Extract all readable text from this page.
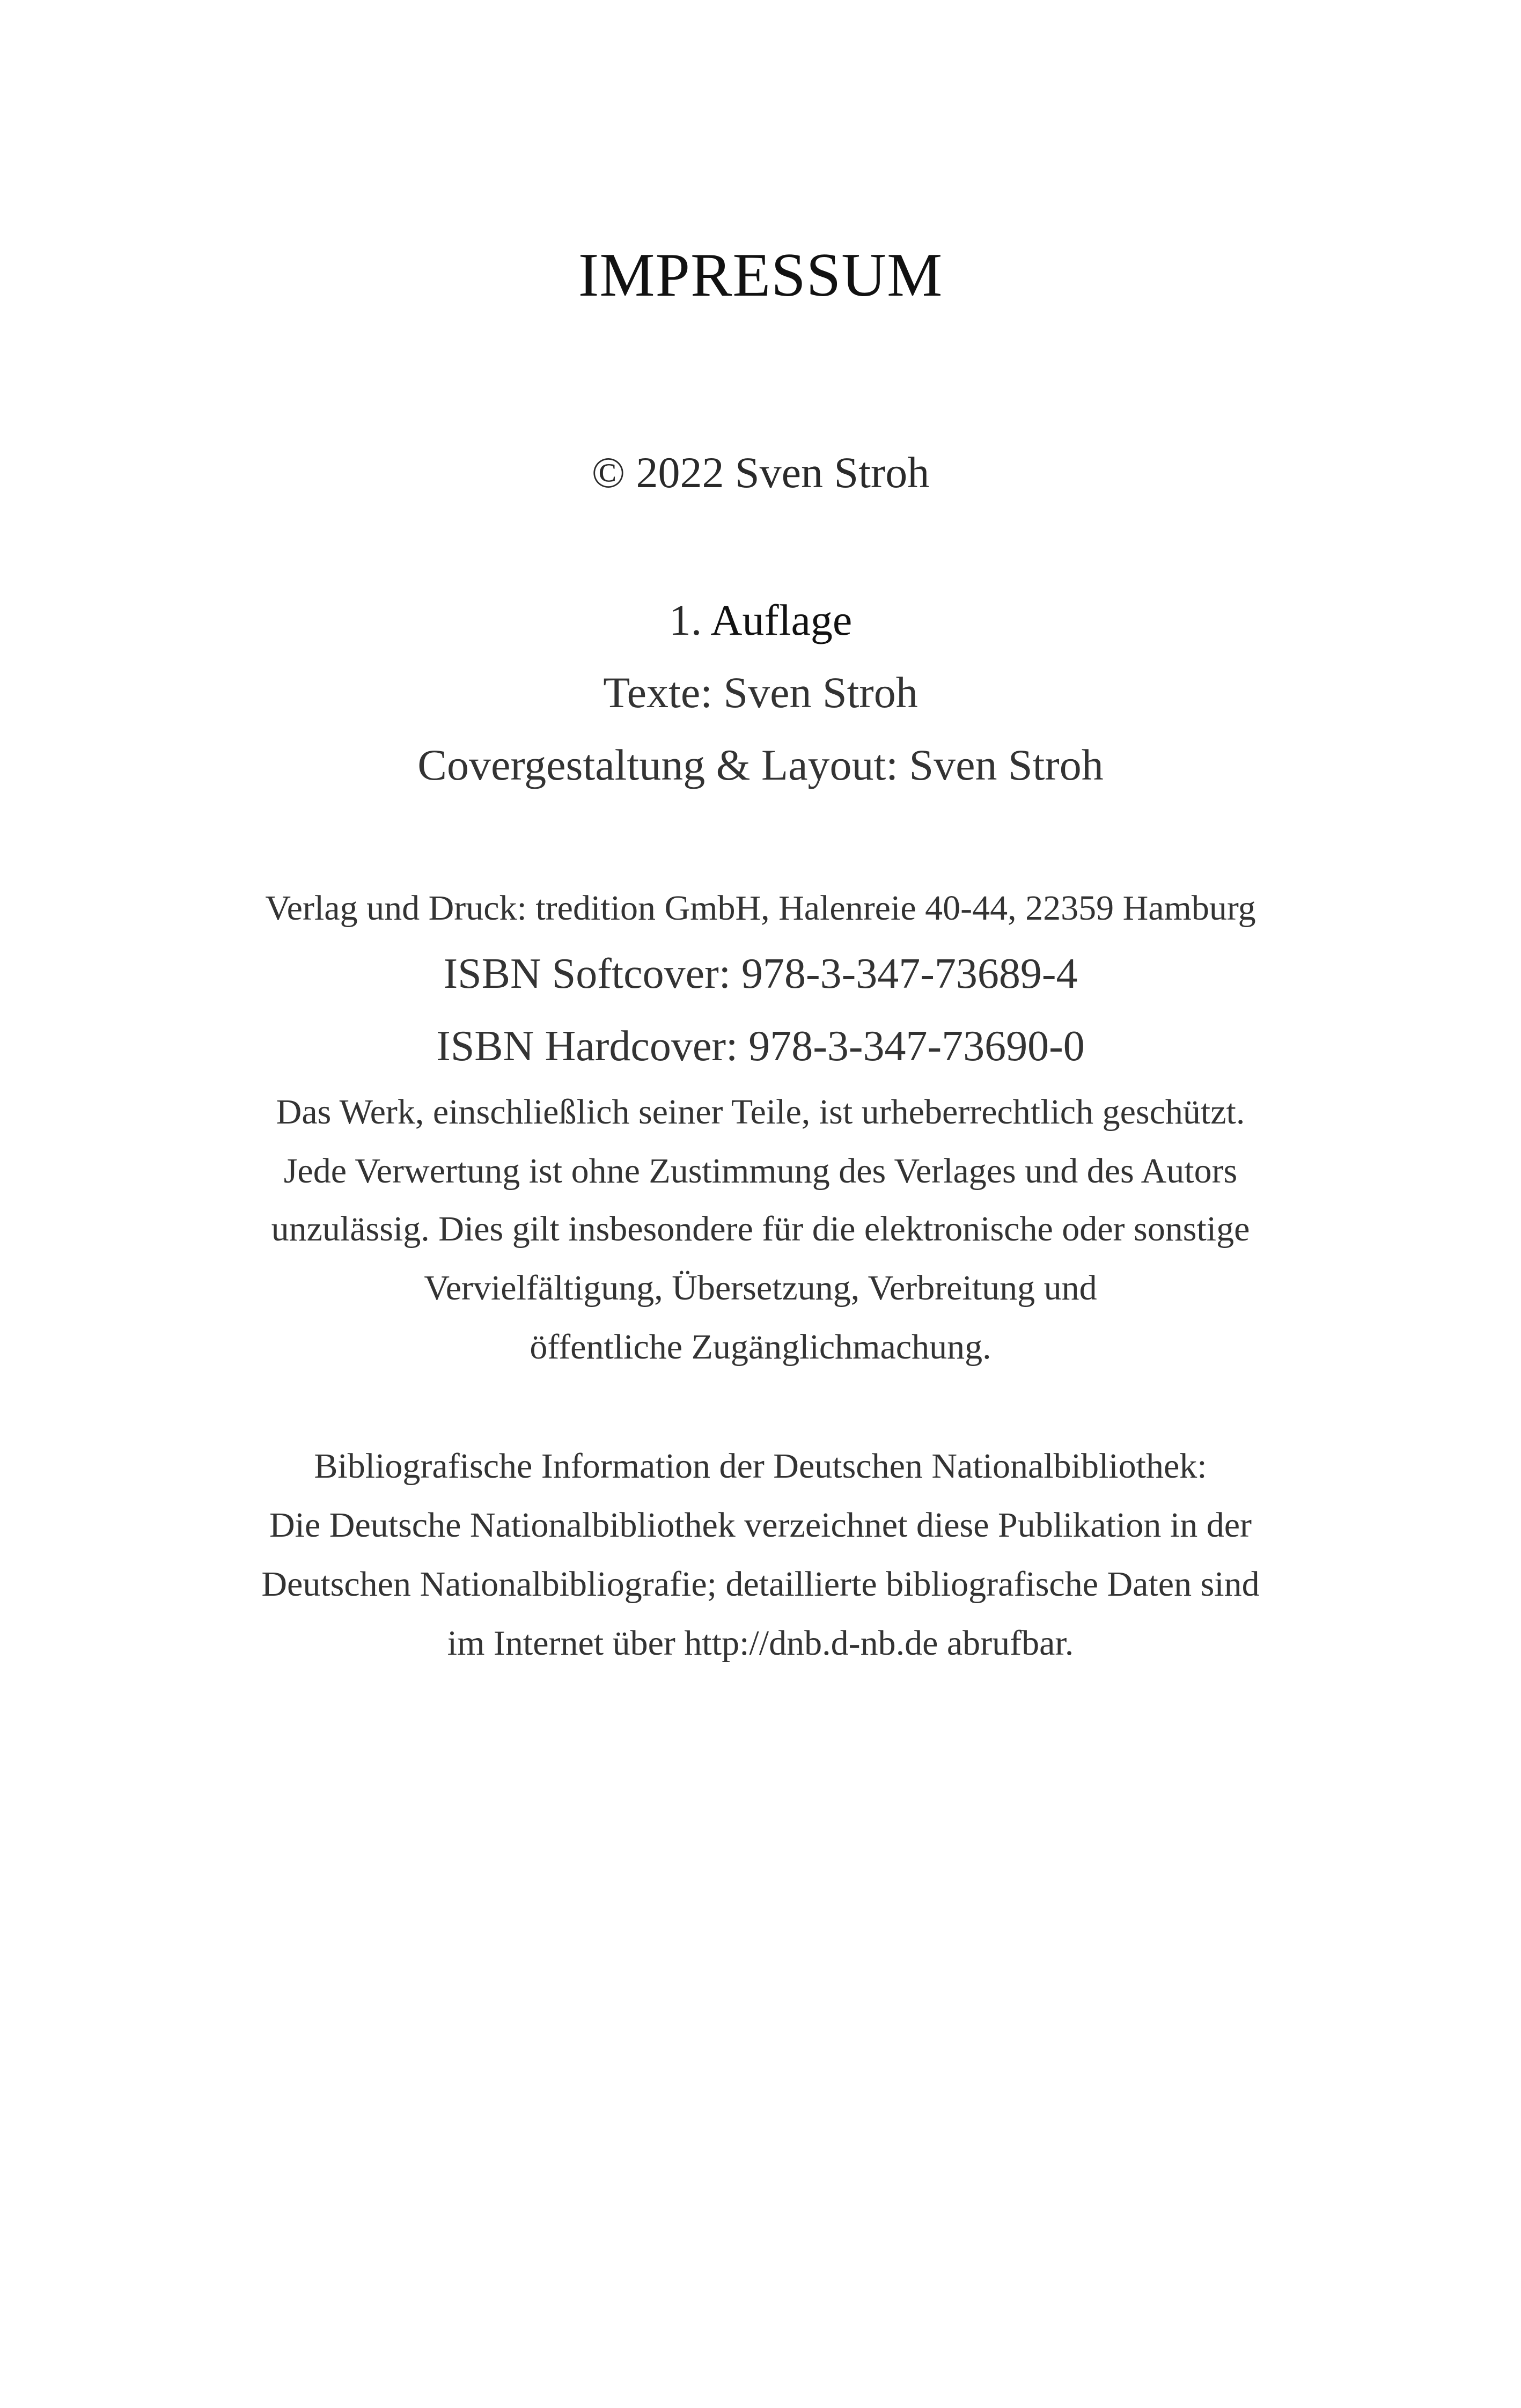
IMPRESSUM
© 2022 Sven Stroh
1. Auflage
Texte: Sven Stroh
Covergestaltung & Layout: Sven Stroh
Verlag und Druck: tredition GmbH, Halenreie 40-44, 22359 Hamburg
ISBN Softcover: 978-3-347-73689-4
ISBN Hardcover: 978-3-347-73690-0
Das Werk, einschließlich seiner Teile, ist urheberrechtlich geschützt.
Jede Verwertung ist ohne Zustimmung des Verlages und des Autors
unzulässig. Dies gilt insbesondere für die elektronische oder sonstige
Vervielfältigung, Übersetzung, Verbreitung und
öffentliche Zugänglichmachung.
Bibliografische Information der Deutschen Nationalbibliothek:
Die Deutsche Nationalbibliothek verzeichnet diese Publikation in der
Deutschen Nationalbibliografie; detaillierte bibliografische Daten sind
im Internet über http://dnb.d-nb.de abrufbar.
